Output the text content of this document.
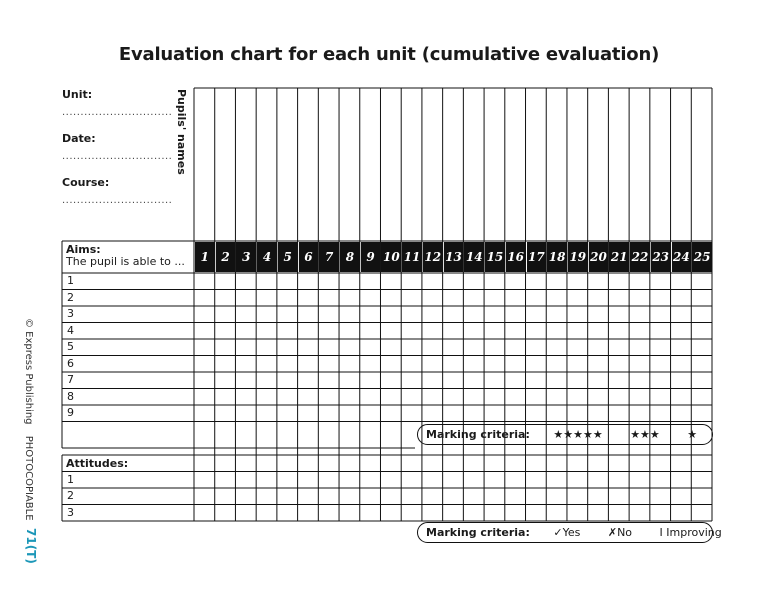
Evaluation chart for each unit (cumulative evaluation)
© Express Publishing PHOTOCOPIABLE
71(T)
Unit:
..............................
Date:
..............................
Course:
..............................
Pupils' names
Aims:
The pupil is able to ...	1	2	3	4	5	6	7	8	9 10 11 12 13 14 15 16 17 18 19 20 21 22 23 24 25
1
2
3
4
5
6
7
8
9
Marking criteria: ★★★★★	★★★	★
Attitudes:
1
2
3
Marking criteria: ✓Yes	✗No	I Improving
